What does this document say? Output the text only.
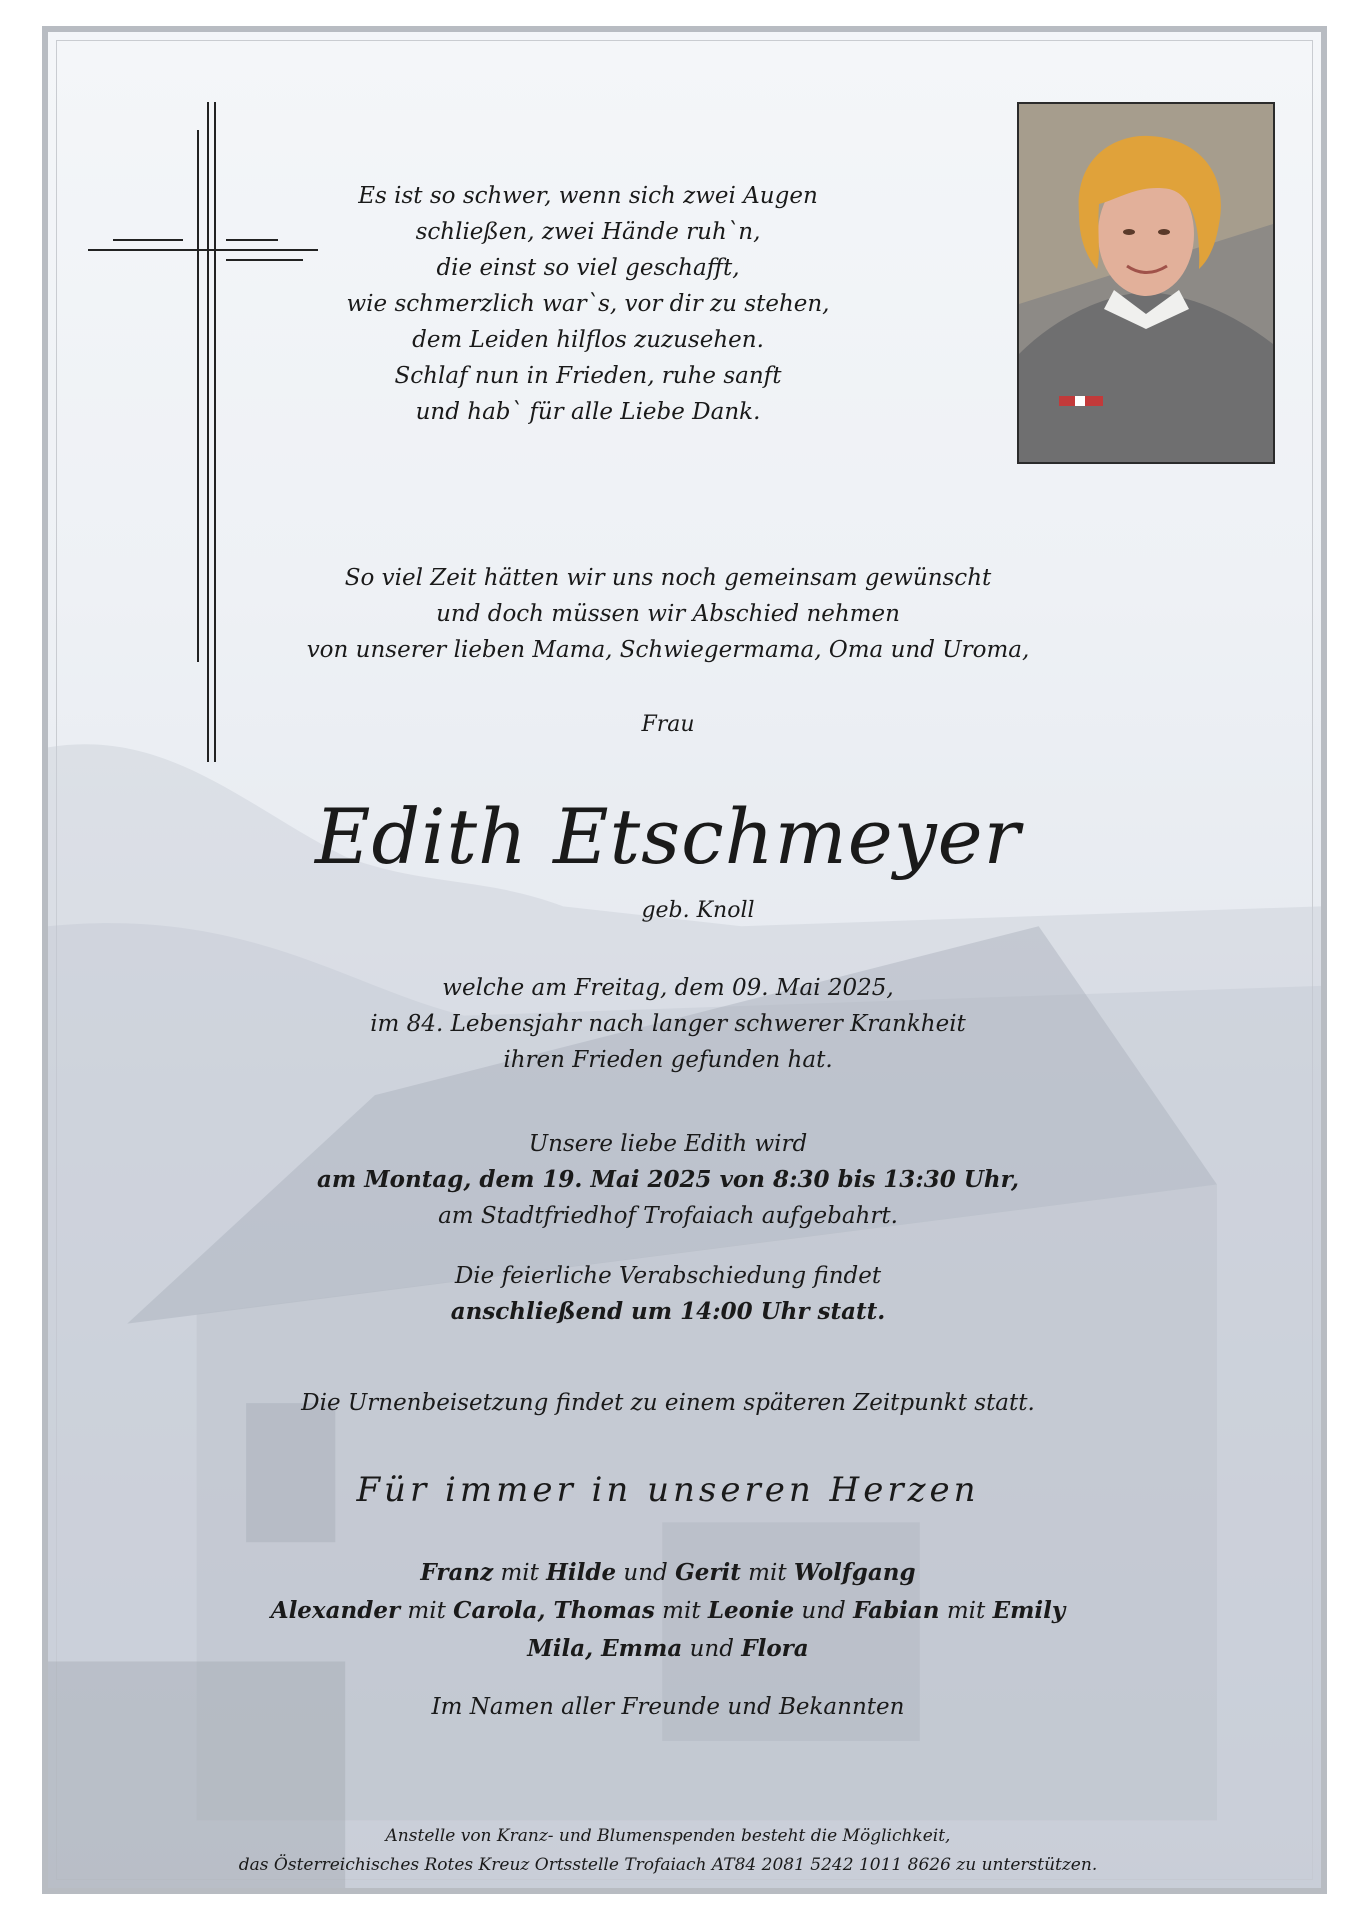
Es ist so schwer, wenn sich zwei Augen
schließen, zwei Hände ruh`n,
die einst so viel geschafft,
wie schmerzlich war`s, vor dir zu stehen,
dem Leiden hilflos zuzusehen.
Schlaf nun in Frieden, ruhe sanft
und hab` für alle Liebe Dank.
So viel Zeit hätten wir uns noch gemeinsam gewünscht
und doch müssen wir Abschied nehmen
von unserer lieben Mama, Schwiegermama, Oma und Uroma,
Frau
Edith Etschmeyer
geb. Knoll
welche am Freitag, dem 09. Mai 2025,
im 84. Lebensjahr nach langer schwerer Krankheit
ihren Frieden gefunden hat.
Unsere liebe Edith wird
am Montag, dem 19. Mai 2025 von 8:30 bis 13:30 Uhr,
am Stadtfriedhof Trofaiach aufgebahrt.
Die feierliche Verabschiedung findet
anschließend um 14:00 Uhr statt.
Die Urnenbeisetzung findet zu einem späteren Zeitpunkt statt.
Für immer in unseren Herzen
Franz mit Hilde und Gerit mit Wolfgang
Alexander mit Carola, Thomas mit Leonie und Fabian mit Emily
Mila, Emma und Flora
Im Namen aller Freunde und Bekannten
Anstelle von Kranz- und Blumenspenden besteht die Möglichkeit,
das Österreichisches Rotes Kreuz Ortsstelle Trofaiach AT84 2081 5242 1011 8626 zu unterstützen.
